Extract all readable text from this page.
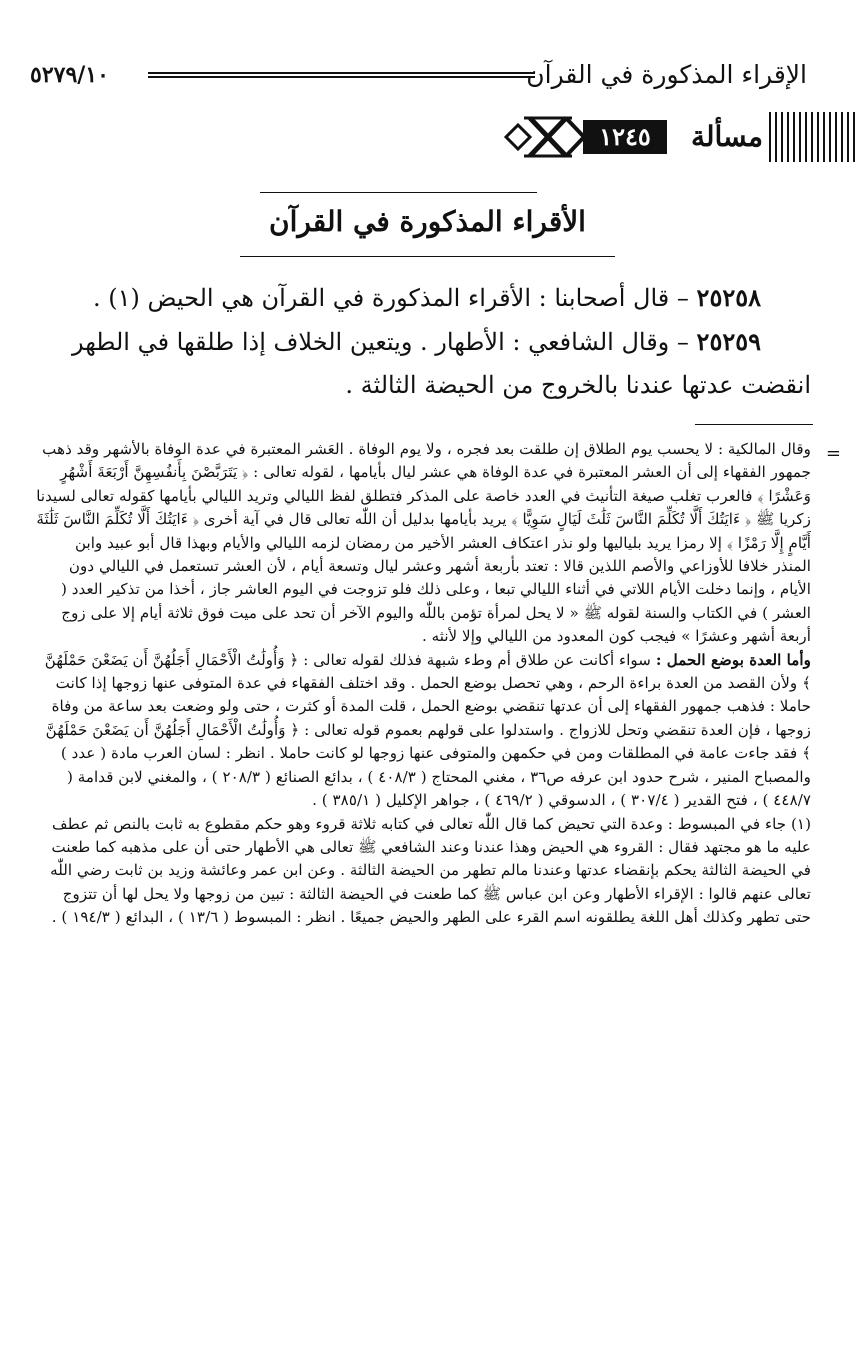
الإقراء المذكورة في القرآن
٥٢٧٩/١٠
مسألة
١٢٤٥
الأقراء المذكورة في القرآن

٢٥٢٥٨ – قال أصحابنا : الأقراء المذكورة في القرآن هي الحيض (١) .

٢٥٢٥٩ – وقال الشافعي : الأطهار . ويتعين الخلاف إذا طلقها في الطهر انقضت عدتها عندنا بالخروج من الحيضة الثالثة .

=

وقال المالكية : لا يحسب يوم الطلاق إن طلقت بعد فجره ، ولا يوم الوفاة . العَشر المعتبرة في عدة الوفاة بالأشهر وقد ذهب جمهور الفقهاء إلى أن العشر المعتبرة في عدة الوفاة هي عشر ليال بأيامها ، لقوله تعالى : ﴿ يَتَرَبَّصْنَ بِأَنفُسِهِنَّ أَرْبَعَةَ أَشْهُرٍ وَعَشْرًا ﴾ فالعرب تغلب صيغة التأنيث في العدد خاصة على المذكر فتطلق لفظ الليالي وتريد الليالي بأيامها كقوله تعالى لسيدنا زكريا ﷺ ﴿ ءَايَتُكَ أَلَّا تُكَلِّمَ النَّاسَ ثَلَٰثَ لَيَالٍ سَوِيًّا ﴾ يريد بأيامها بدليل أن اللّٰه تعالى قال في آية أخرى ﴿ ءَايَتُكَ أَلَّا تُكَلِّمَ النَّاسَ ثَلَٰثَةَ أَيَّامٍ إِلَّا رَمْزًا ﴾ إلا رمزا يريد بلياليها ولو نذر اعتكاف العشر الأخير من رمضان لزمه الليالي والأيام وبهذا قال أبو عبيد وابن المنذر خلافا للأوزاعي والأصم اللذين قالا : تعتد بأربعة أشهر وعشر ليال وتسعة أيام ، لأن العشر تستعمل في الليالي دون الأيام ، وإنما دخلت الأيام اللاتي في أثناء الليالي تبعا ، وعلى ذلك فلو تزوجت في اليوم العاشر جاز ، أخذا من تذكير العدد ( العشر ) في الكتاب والسنة لقوله ﷺ « لا يحل لمرأة تؤمن باللّٰه واليوم الآخر أن تحد على ميت فوق ثلاثة أيام إلا على زوج أربعة أشهر وعشرًا » فيجب كون المعدود من الليالي وإلا لأنثه .

وأما العدة بوضع الحمل : سواء أكانت عن طلاق أم وطء شبهة فذلك لقوله تعالى : ﴿ وَأُولَٰتُ الْأَحْمَالِ أَجَلُهُنَّ أَن يَضَعْنَ حَمْلَهُنَّ ﴾ ولأن القصد من العدة براءة الرحم ، وهي تحصل بوضع الحمل . وقد اختلف الفقهاء في عدة المتوفى عنها زوجها إذا كانت حاملا : فذهب جمهور الفقهاء إلى أن عدتها تنقضي بوضع الحمل ، قلت المدة أو كثرت ، حتى ولو وضعت بعد ساعة من وفاة زوجها ، فإن العدة تنقضي وتحل للازواج . واستدلوا على قولهم بعموم قوله تعالى : ﴿ وَأُولَٰتُ الْأَحْمَالِ أَجَلُهُنَّ أَن يَضَعْنَ حَمْلَهُنَّ ﴾ فقد جاءت عامة في المطلقات ومن في حكمهن والمتوفى عنها زوجها لو كانت حاملا . انظر : لسان العرب مادة ( عدد ) والمصباح المنير ، شرح حدود ابن عرفه ص٣٦ ، مغني المحتاج ( ٤٠٨/٣ ) ، بدائع الصنائع ( ٢٠٨/٣ ) ، والمغني لابن قدامة ( ٤٤٨/٧ ) ، فتح القدير ( ٣٠٧/٤ ) ، الدسوقي ( ٤٦٩/٢ ) ، جواهر الإكليل ( ٣٨٥/١ ) .

(١) جاء في المبسوط : وعدة التي تحيض كما قال اللّٰه تعالى في كتابه ثلاثة قروء وهو حكم مقطوع به ثابت بالنص ثم عطف عليه ما هو مجتهد فقال : القروء هي الحيض وهذا عندنا وعند الشافعي ﷺ تعالى هي الأطهار حتى أن على مذهبه كما طعنت في الحيضة الثالثة يحكم بإنقضاء عدتها وعندنا مالم تطهر من الحيضة الثالثة . وعن ابن عمر وعائشة وزيد بن ثابت رضي اللّٰه تعالى عنهم قالوا : الإقراء الأطهار وعن ابن عباس ﷺ كما طعنت في الحيضة الثالثة : تبين من زوجها ولا يحل لها أن تتزوج حتى تطهر وكذلك أهل اللغة يطلقونه اسم القرء على الطهر والحيض جميعًا . انظر : المبسوط ( ١٣/٦ ) ، البدائع ( ١٩٤/٣ ) .
